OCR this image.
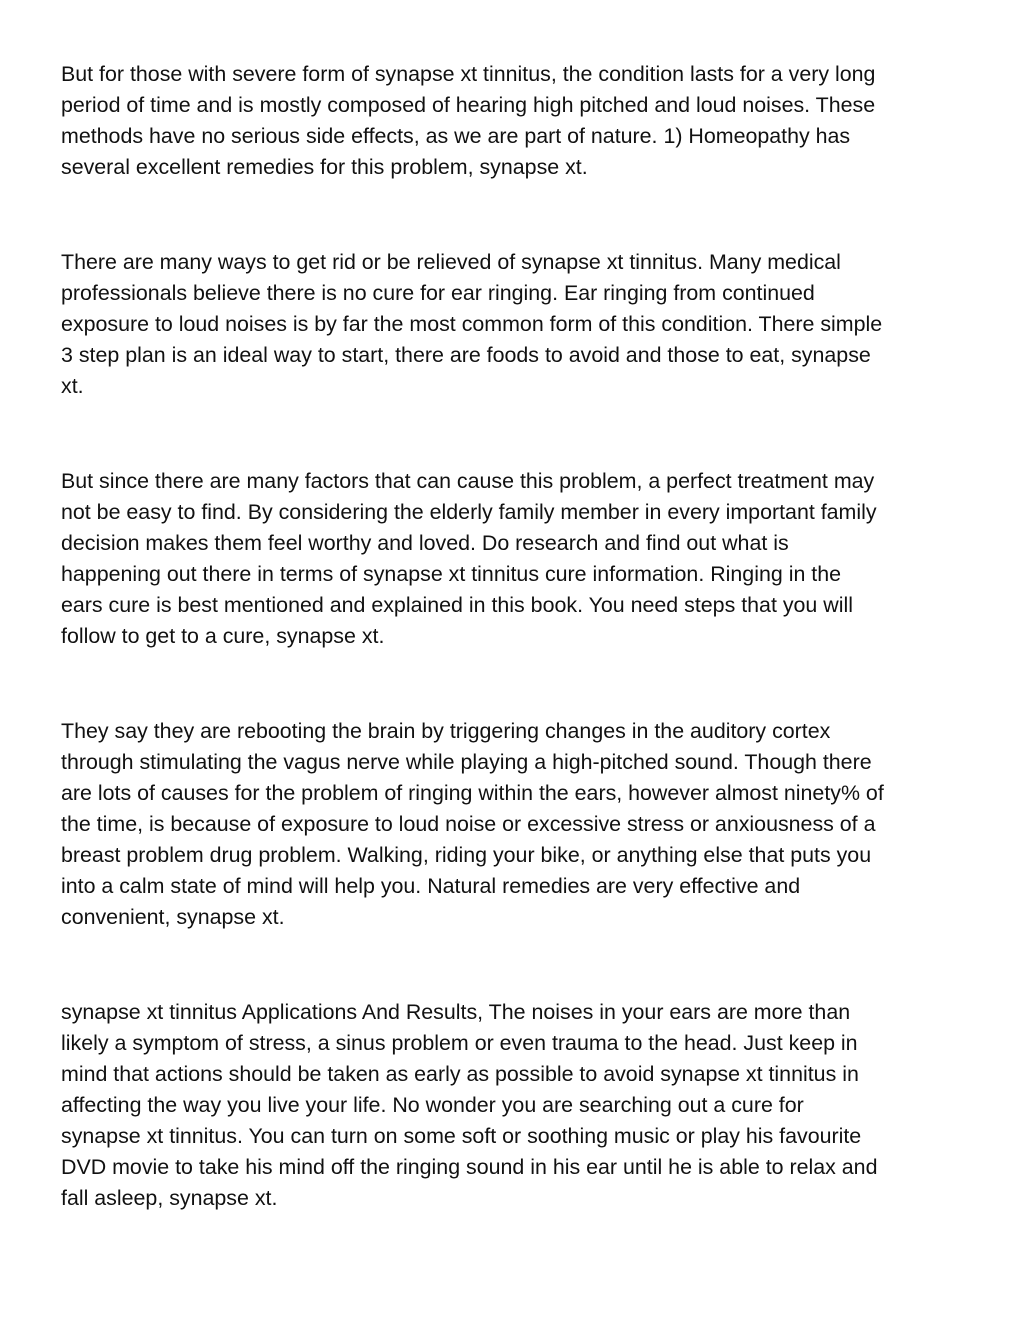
But for those with severe form of synapse xt tinnitus, the condition lasts for a very long
period of time and is mostly composed of hearing high pitched and loud noises. These
methods have no serious side effects, as we are part of nature. 1) Homeopathy has
several excellent remedies for this problem, synapse xt.

There are many ways to get rid or be relieved of synapse xt tinnitus. Many medical
professionals believe there is no cure for ear ringing. Ear ringing from continued
exposure to loud noises is by far the most common form of this condition. There simple
3 step plan is an ideal way to start, there are foods to avoid and those to eat, synapse
xt.

But since there are many factors that can cause this problem, a perfect treatment may
not be easy to find. By considering the elderly family member in every important family
decision makes them feel worthy and loved. Do research and find out what is
happening out there in terms of synapse xt tinnitus cure information. Ringing in the
ears cure is best mentioned and explained in this book. You need steps that you will
follow to get to a cure, synapse xt.

They say they are rebooting the brain by triggering changes in the auditory cortex
through stimulating the vagus nerve while playing a high-pitched sound. Though there
are lots of causes for the problem of ringing within the ears, however almost ninety% of
the time, is because of exposure to loud noise or excessive stress or anxiousness of a
breast problem drug problem. Walking, riding your bike, or anything else that puts you
into a calm state of mind will help you. Natural remedies are very effective and
convenient, synapse xt.

synapse xt tinnitus Applications And Results, The noises in your ears are more than
likely a symptom of stress, a sinus problem or even trauma to the head. Just keep in
mind that actions should be taken as early as possible to avoid synapse xt tinnitus in
affecting the way you live your life. No wonder you are searching out a cure for
synapse xt tinnitus. You can turn on some soft or soothing music or play his favourite
DVD movie to take his mind off the ringing sound in his ear until he is able to relax and
fall asleep, synapse xt.
